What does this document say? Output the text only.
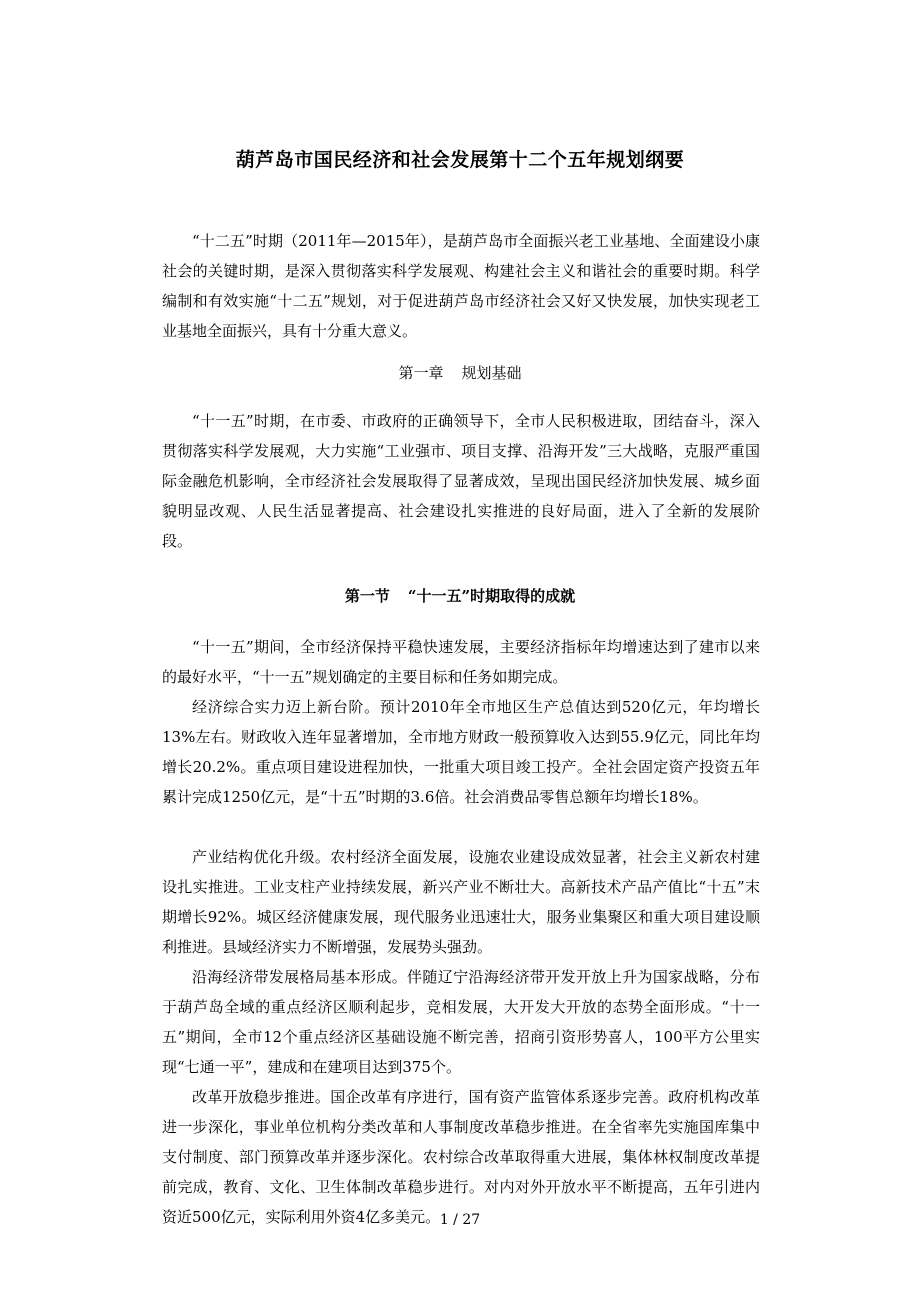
葫芦岛市国民经济和社会发展第十二个五年规划纲要

“十二五”时期（2011年—2015年），是葫芦岛市全面振兴老工业基地、全面建设小康社会的关键时期，是深入贯彻落实科学发展观、构建社会主义和谐社会的重要时期。科学编制和有效实施“十二五”规划，对于促进葫芦岛市经济社会又好又快发展，加快实现老工业基地全面振兴，具有十分重大意义。

第一章 规划基础

“十一五”时期，在市委、市政府的正确领导下，全市人民积极进取，团结奋斗，深入贯彻落实科学发展观，大力实施“工业强市、项目支撑、沿海开发”三大战略，克服严重国际金融危机影响，全市经济社会发展取得了显著成效，呈现出国民经济加快发展、城乡面貌明显改观、人民生活显著提高、社会建设扎实推进的良好局面，进入了全新的发展阶段。

第一节 “十一五”时期取得的成就

“十一五”期间，全市经济保持平稳快速发展，主要经济指标年均增速达到了建市以来的最好水平，“十一五”规划确定的主要目标和任务如期完成。

经济综合实力迈上新台阶。预计2010年全市地区生产总值达到520亿元，年均增长13%左右。财政收入连年显著增加，全市地方财政一般预算收入达到55.9亿元，同比年均增长20.2%。重点项目建设进程加快，一批重大项目竣工投产。全社会固定资产投资五年累计完成1250亿元，是“十五”时期的3.6倍。社会消费品零售总额年均增长18%。

产业结构优化升级。农村经济全面发展，设施农业建设成效显著，社会主义新农村建设扎实推进。工业支柱产业持续发展，新兴产业不断壮大。高新技术产品产值比“十五”末期增长92%。城区经济健康发展，现代服务业迅速壮大，服务业集聚区和重大项目建设顺利推进。县域经济实力不断增强，发展势头强劲。

沿海经济带发展格局基本形成。伴随辽宁沿海经济带开发开放上升为国家战略，分布于葫芦岛全域的重点经济区顺利起步，竞相发展，大开发大开放的态势全面形成。“十一五”期间，全市12个重点经济区基础设施不断完善，招商引资形势喜人，100平方公里实现“七通一平”，建成和在建项目达到375个。

改革开放稳步推进。国企改革有序进行，国有资产监管体系逐步完善。政府机构改革进一步深化，事业单位机构分类改革和人事制度改革稳步推进。在全省率先实施国库集中支付制度、部门预算改革并逐步深化。农村综合改革取得重大进展，集体林权制度改革提前完成，教育、文化、卫生体制改革稳步进行。对内对外开放水平不断提高，五年引进内资近500亿元，实际利用外资4亿多美元。 1 / 27
